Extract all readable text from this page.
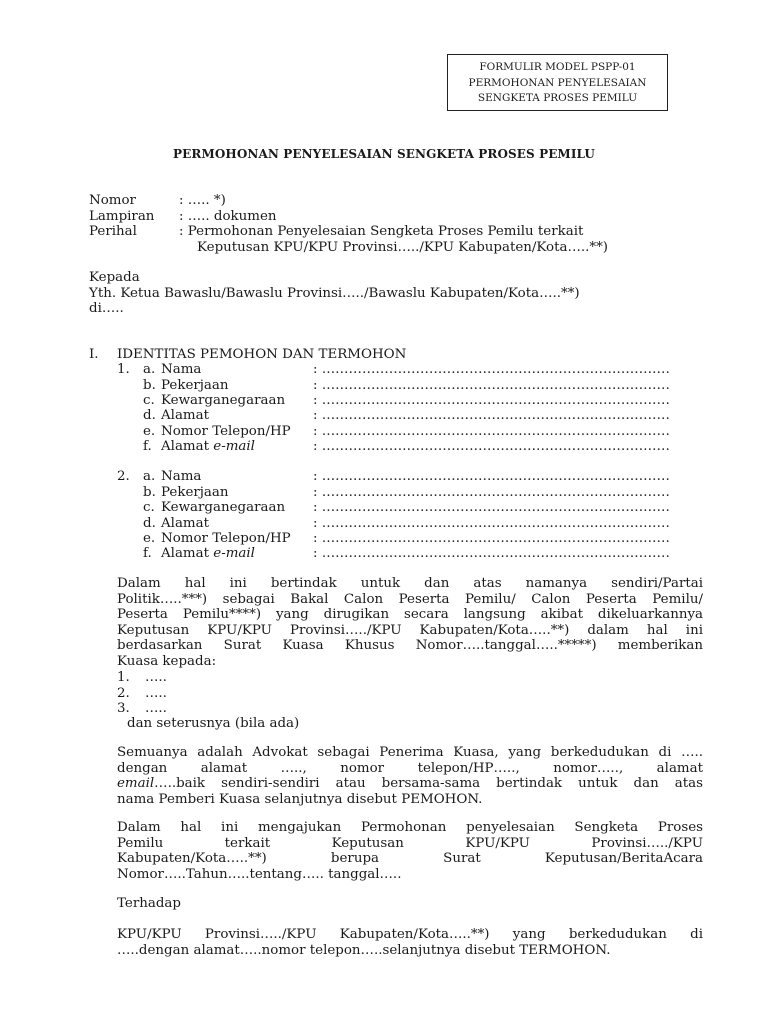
FORMULIR MODEL PSPP-01
PERMOHONAN PENYELESAIAN
SENGKETA PROSES PEMILU
PERMOHONAN PENYELESAIAN SENGKETA PROSES PEMILU
Nomor	: ….. *)
Lampiran	: ….. dokumen
Perihal	: Permohonan Penyelesaian Sengketa Proses Pemilu terkait
Keputusan KPU/KPU Provinsi…../KPU Kabupaten/Kota…..**)
Kepada
Yth. Ketua Bawaslu/Bawaslu Provinsi…../Bawaslu Kabupaten/Kota…..**)
di…..
I. IDENTITAS PEMOHON DAN TERMOHON
1. a. Nama	: ……………………………………………………………………
b. Pekerjaan	: ……………………………………………………………………
c. Kewarganegaraan : ……………………………………………………………………
d. Alamat	: ……………………………………………………………………
e. Nomor Telepon/HP : ……………………………………………………………………
f. Alamat e-mail	: ……………………………………………………………………
2. a. Nama	: ……………………………………………………………………
b. Pekerjaan	: ……………………………………………………………………
c. Kewarganegaraan : ……………………………………………………………………
d. Alamat	: ……………………………………………………………………
e. Nomor Telepon/HP : ……………………………………………………………………
f. Alamat e-mail	: ……………………………………………………………………
Dalam hal ini bertindak untuk dan atas namanya sendiri/Partai
Politik…..***) sebagai Bakal Calon Peserta Pemilu/ Calon Peserta Pemilu/
Peserta Pemilu****) yang dirugikan secara langsung akibat dikeluarkannya
Keputusan KPU/KPU Provinsi…../KPU Kabupaten/Kota…..**) dalam hal ini
berdasarkan Surat Kuasa Khusus Nomor…..tanggal…..*****) memberikan
Kuasa kepada:
1. …..
2. …..
3. …..
dan seterusnya (bila ada)
Semuanya adalah Advokat sebagai Penerima Kuasa, yang berkedudukan di …..
dengan alamat ….., nomor telepon/HP….., nomor….., alamat
email…..baik sendiri-sendiri atau bersama-sama bertindak untuk dan atas
nama Pemberi Kuasa selanjutnya disebut PEMOHON.
Dalam hal ini mengajukan Permohonan penyelesaian Sengketa Proses
Pemilu terkait Keputusan KPU/KPU Provinsi…../KPU
Kabupaten/Kota…..**) berupa Surat Keputusan/BeritaAcara
Nomor…..Tahun…..tentang….. tanggal…..
Terhadap
KPU/KPU Provinsi…../KPU Kabupaten/Kota…..**) yang berkedudukan di
…..dengan alamat…..nomor telepon…..selanjutnya disebut TERMOHON.
